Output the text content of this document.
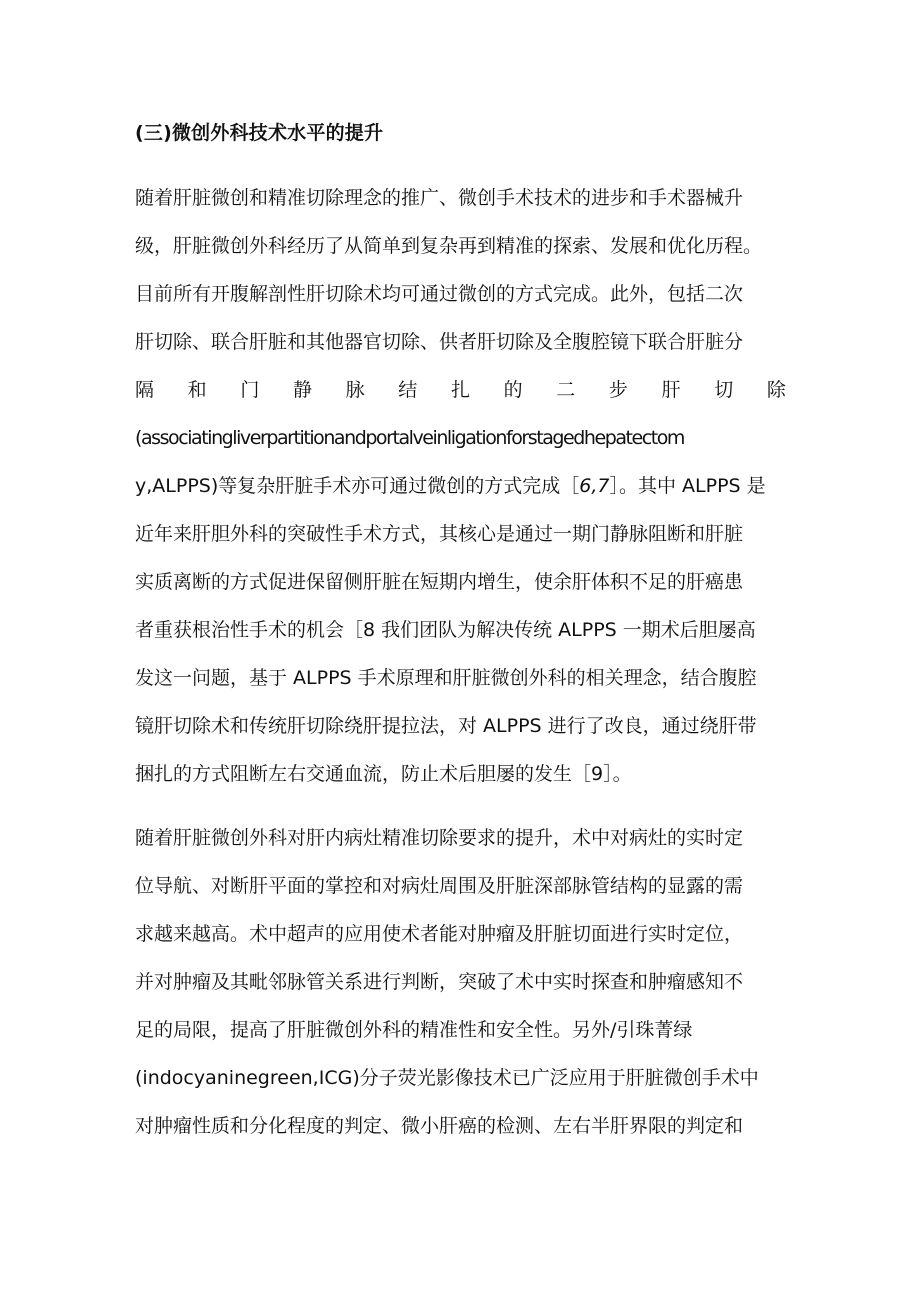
(三)微创外科技术水平的提升
随着肝脏微创和精准切除理念的推广、微创手术技术的进步和手术器械升
级，肝脏微创外科经历了从简单到复杂再到精准的探索、发展和优化历程。
目前所有开腹解剖性肝切除术均可通过微创的方式完成。此外，包括二次
肝切除、联合肝脏和其他器官切除、供者肝切除及全腹腔镜下联合肝脏分
隔 和 门 静 脉 结 扎 的 二 步 肝 切 除
(associatingliverpartitionandportalveinligationforstagedhepatectom
y,ALPPS)等复杂肝脏手术亦可通过微创的方式完成［6,7］。其中 ALPPS 是
近年来肝胆外科的突破性手术方式，其核心是通过一期门静脉阻断和肝脏
实质离断的方式促进保留侧肝脏在短期内增生，使余肝体积不足的肝癌患
者重获根治性手术的机会［8 我们团队为解决传统 ALPPS 一期术后胆屡高
发这一问题，基于 ALPPS 手术原理和肝脏微创外科的相关理念，结合腹腔
镜肝切除术和传统肝切除绕肝提拉法，对 ALPPS 进行了改良，通过绕肝带
捆扎的方式阻断左右交通血流，防止术后胆屡的发生［9］。
随着肝脏微创外科对肝内病灶精准切除要求的提升，术中对病灶的实时定
位导航、对断肝平面的掌控和对病灶周围及肝脏深部脉管结构的显露的需
求越来越高。术中超声的应用使术者能对肿瘤及肝脏切面进行实时定位，
并对肿瘤及其毗邻脉管关系进行判断，突破了术中实时探查和肿瘤感知不
足的局限，提高了肝脏微创外科的精准性和安全性。另外/引珠菁绿
(indocyaninegreen,ICG)分子荧光影像技术已广泛应用于肝脏微创手术中
对肿瘤性质和分化程度的判定、微小肝癌的检测、左右半肝界限的判定和
